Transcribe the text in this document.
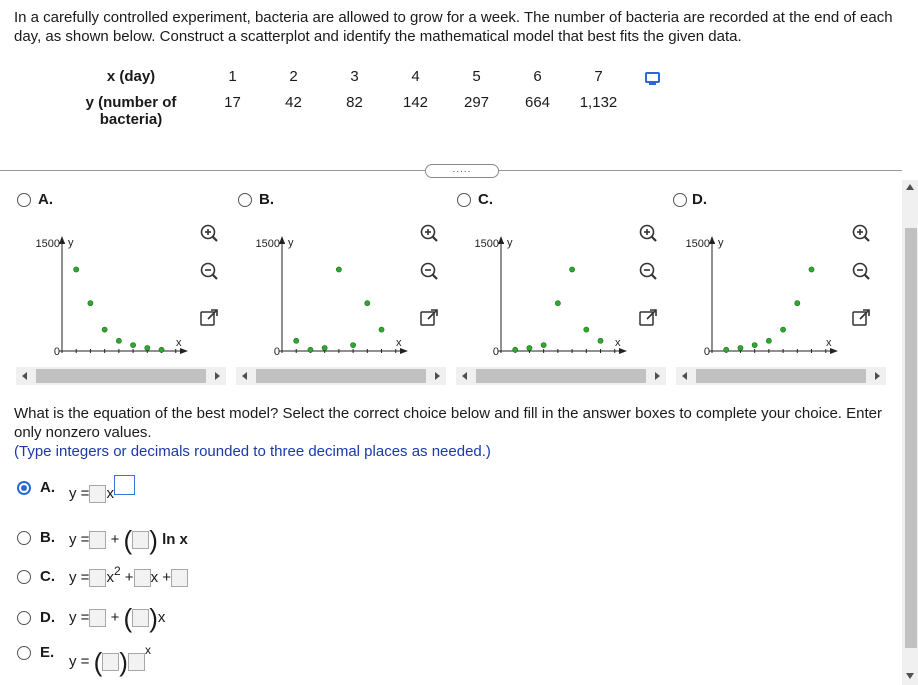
In a carefully controlled experiment, bacteria are allowed to grow for a week. The number of bacteria are recorded at the end of each day, as shown below. Construct a scatterplot and identify the mathematical model that best fits the given data.
x (day)	1	2	3	4	5	6	7
y (number of
bacteria)	17	42	82	142	297	664	1,132
.....
A.	B.	C.	D.
1500
0
y
x
1500
0
y
x
1500
0
y
x
1500
0
y
x
What is the equation of the best model? Select the correct choice below and fill in the answer boxes to complete your choice. Enter only nonzero values.
(Type integers or decimals rounded to three decimal places as needed.)
A. y = x
B. y = + ( ) ln x
C. $y = x^2 + x$ +
D. y = + ( )x
E.
y = ( ) $^x$
